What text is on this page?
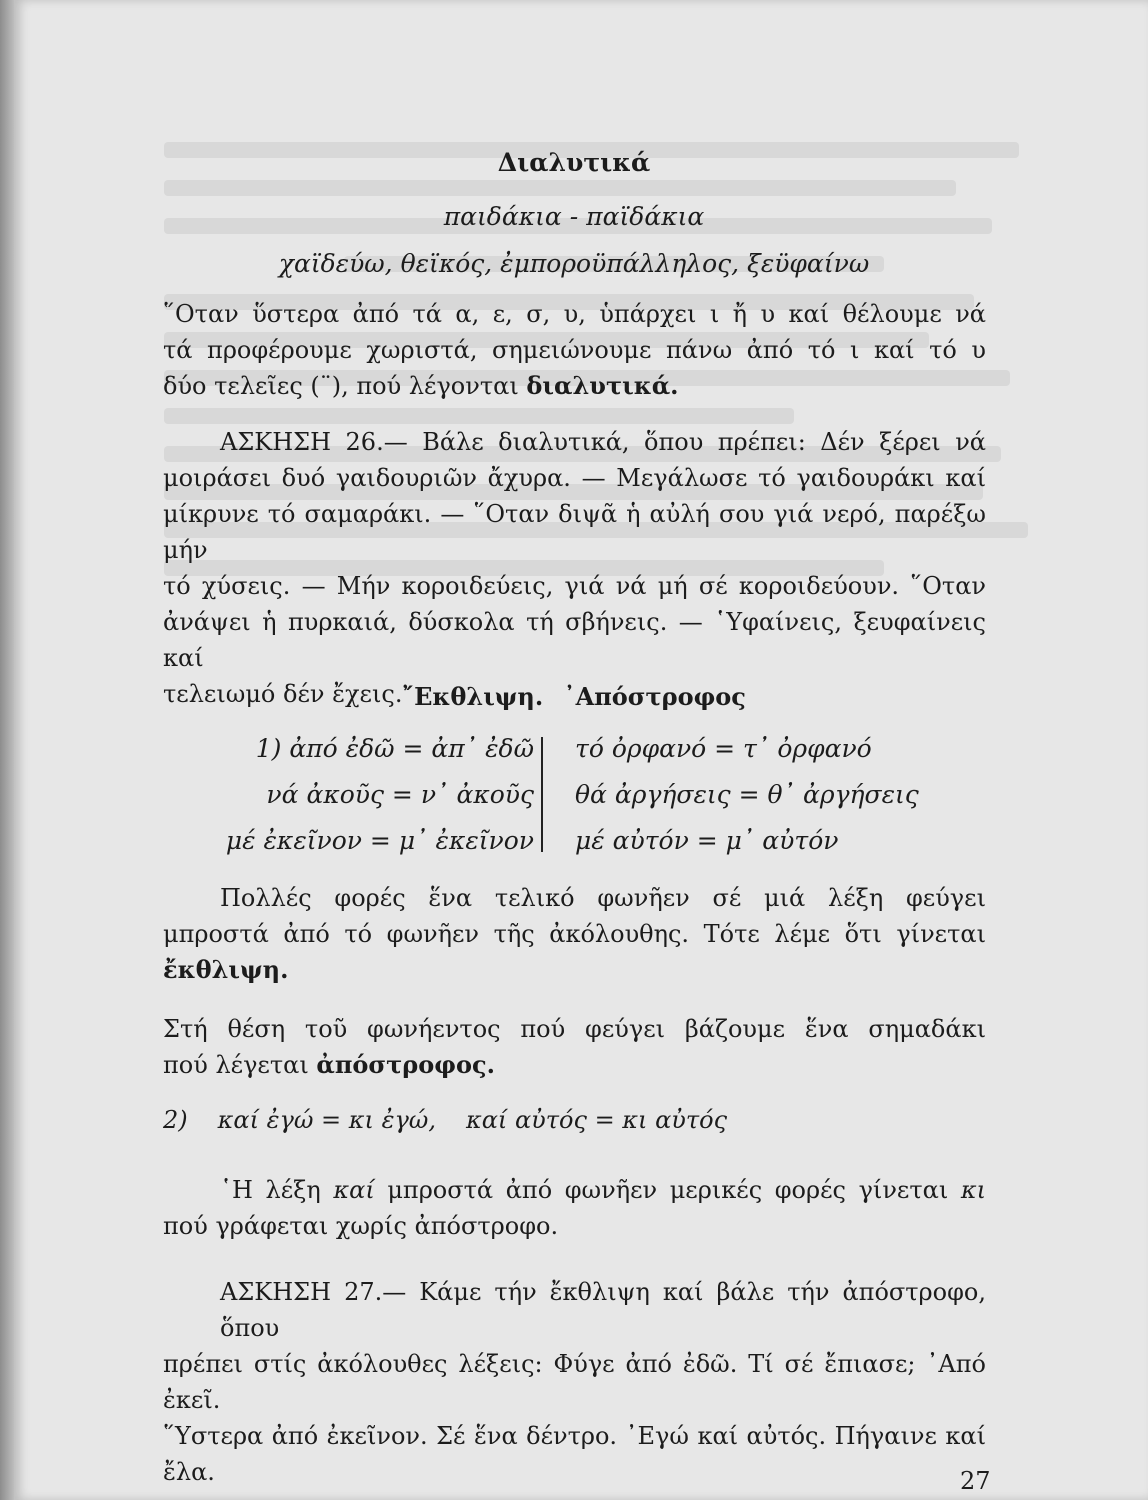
Διαλυτικά
παιδάκια - παϊδάκια
χαϊδεύω, θεϊκός, ἐμποροϋπάλληλος, ξεϋφαίνω
῞Οταν ὕστερα ἀπό τά α, ε, σ, υ, ὑπάρχει ι ἤ υ καί θέλουμε νά
τά προφέρουμε χωριστά, σημειώνουμε πάνω ἀπό τό ι καί τό υ
δύο τελεῖες (¨), πού λέγονται διαλυτικά.
ΑΣΚΗΣΗ 26.— Βάλε διαλυτικά, ὅπου πρέπει: Δέν ξέρει νά
μοιράσει δυό γαιδουριῶν ἄχυρα. — Μεγάλωσε τό γαιδουράκι καί
μίκρυνε τό σαμαράκι. — ῞Οταν διψᾶ ἡ αὐλή σου γιά νερό, παρέξω μήν
τό χύσεις. — Μήν κοροιδεύεις, γιά νά μή σέ κοροιδεύουν. ῞Οταν
ἀνάψει ἡ πυρκαιά, δύσκολα τή σβήνεις. — ῾Υφαίνεις, ξευφαίνεις καί
τελειωμό δέν ἔχεις. ῎Εκθλιψη. ᾿Απόστροφος
1) ἀπό ἐδῶ = ἀπ᾿ ἐδῶ
νά ἀκοῦς = ν᾿ ἀκοῦς
μέ ἐκεῖνον = μ᾿ ἐκεῖνον
τό ὀρφανό = τ᾿ ὀρφανό
θά ἀργήσεις = θ᾿ ἀργήσεις
μέ αὐτόν = μ᾿ αὐτόν
Πολλές φορές ἕνα τελικό φωνῆεν σέ μιά λέξη φεύγει
μπροστά ἀπό τό φωνῆεν τῆς ἀκόλουθης. Τότε λέμε ὅτι γίνεται
ἔκθλιψη.
Στή θέση τοῦ φωνήεντος πού φεύγει βάζουμε ἕνα σημαδάκι
πού λέγεται ἀπόστροφος.
2) καί ἐγώ = κι ἐγώ, καί αὐτός = κι αὐτός
῾Η λέξη καί μπροστά ἀπό φωνῆεν μερικές φορές γίνεται κι
πού γράφεται χωρίς ἀπόστροφο.
ΑΣΚΗΣΗ 27.— Κάμε τήν ἔκθλιψη καί βάλε τήν ἀπόστροφο, ὅπου
πρέπει στίς ἀκόλουθες λέξεις: Φύγε ἀπό ἐδῶ. Τί σέ ἔπιασε; ᾿Από ἐκεῖ.
῞Υστερα ἀπό ἐκεῖνον. Σέ ἕνα δέντρο. ᾿Εγώ καί αὐτός. Πήγαινε καί
ἔλα.	27
